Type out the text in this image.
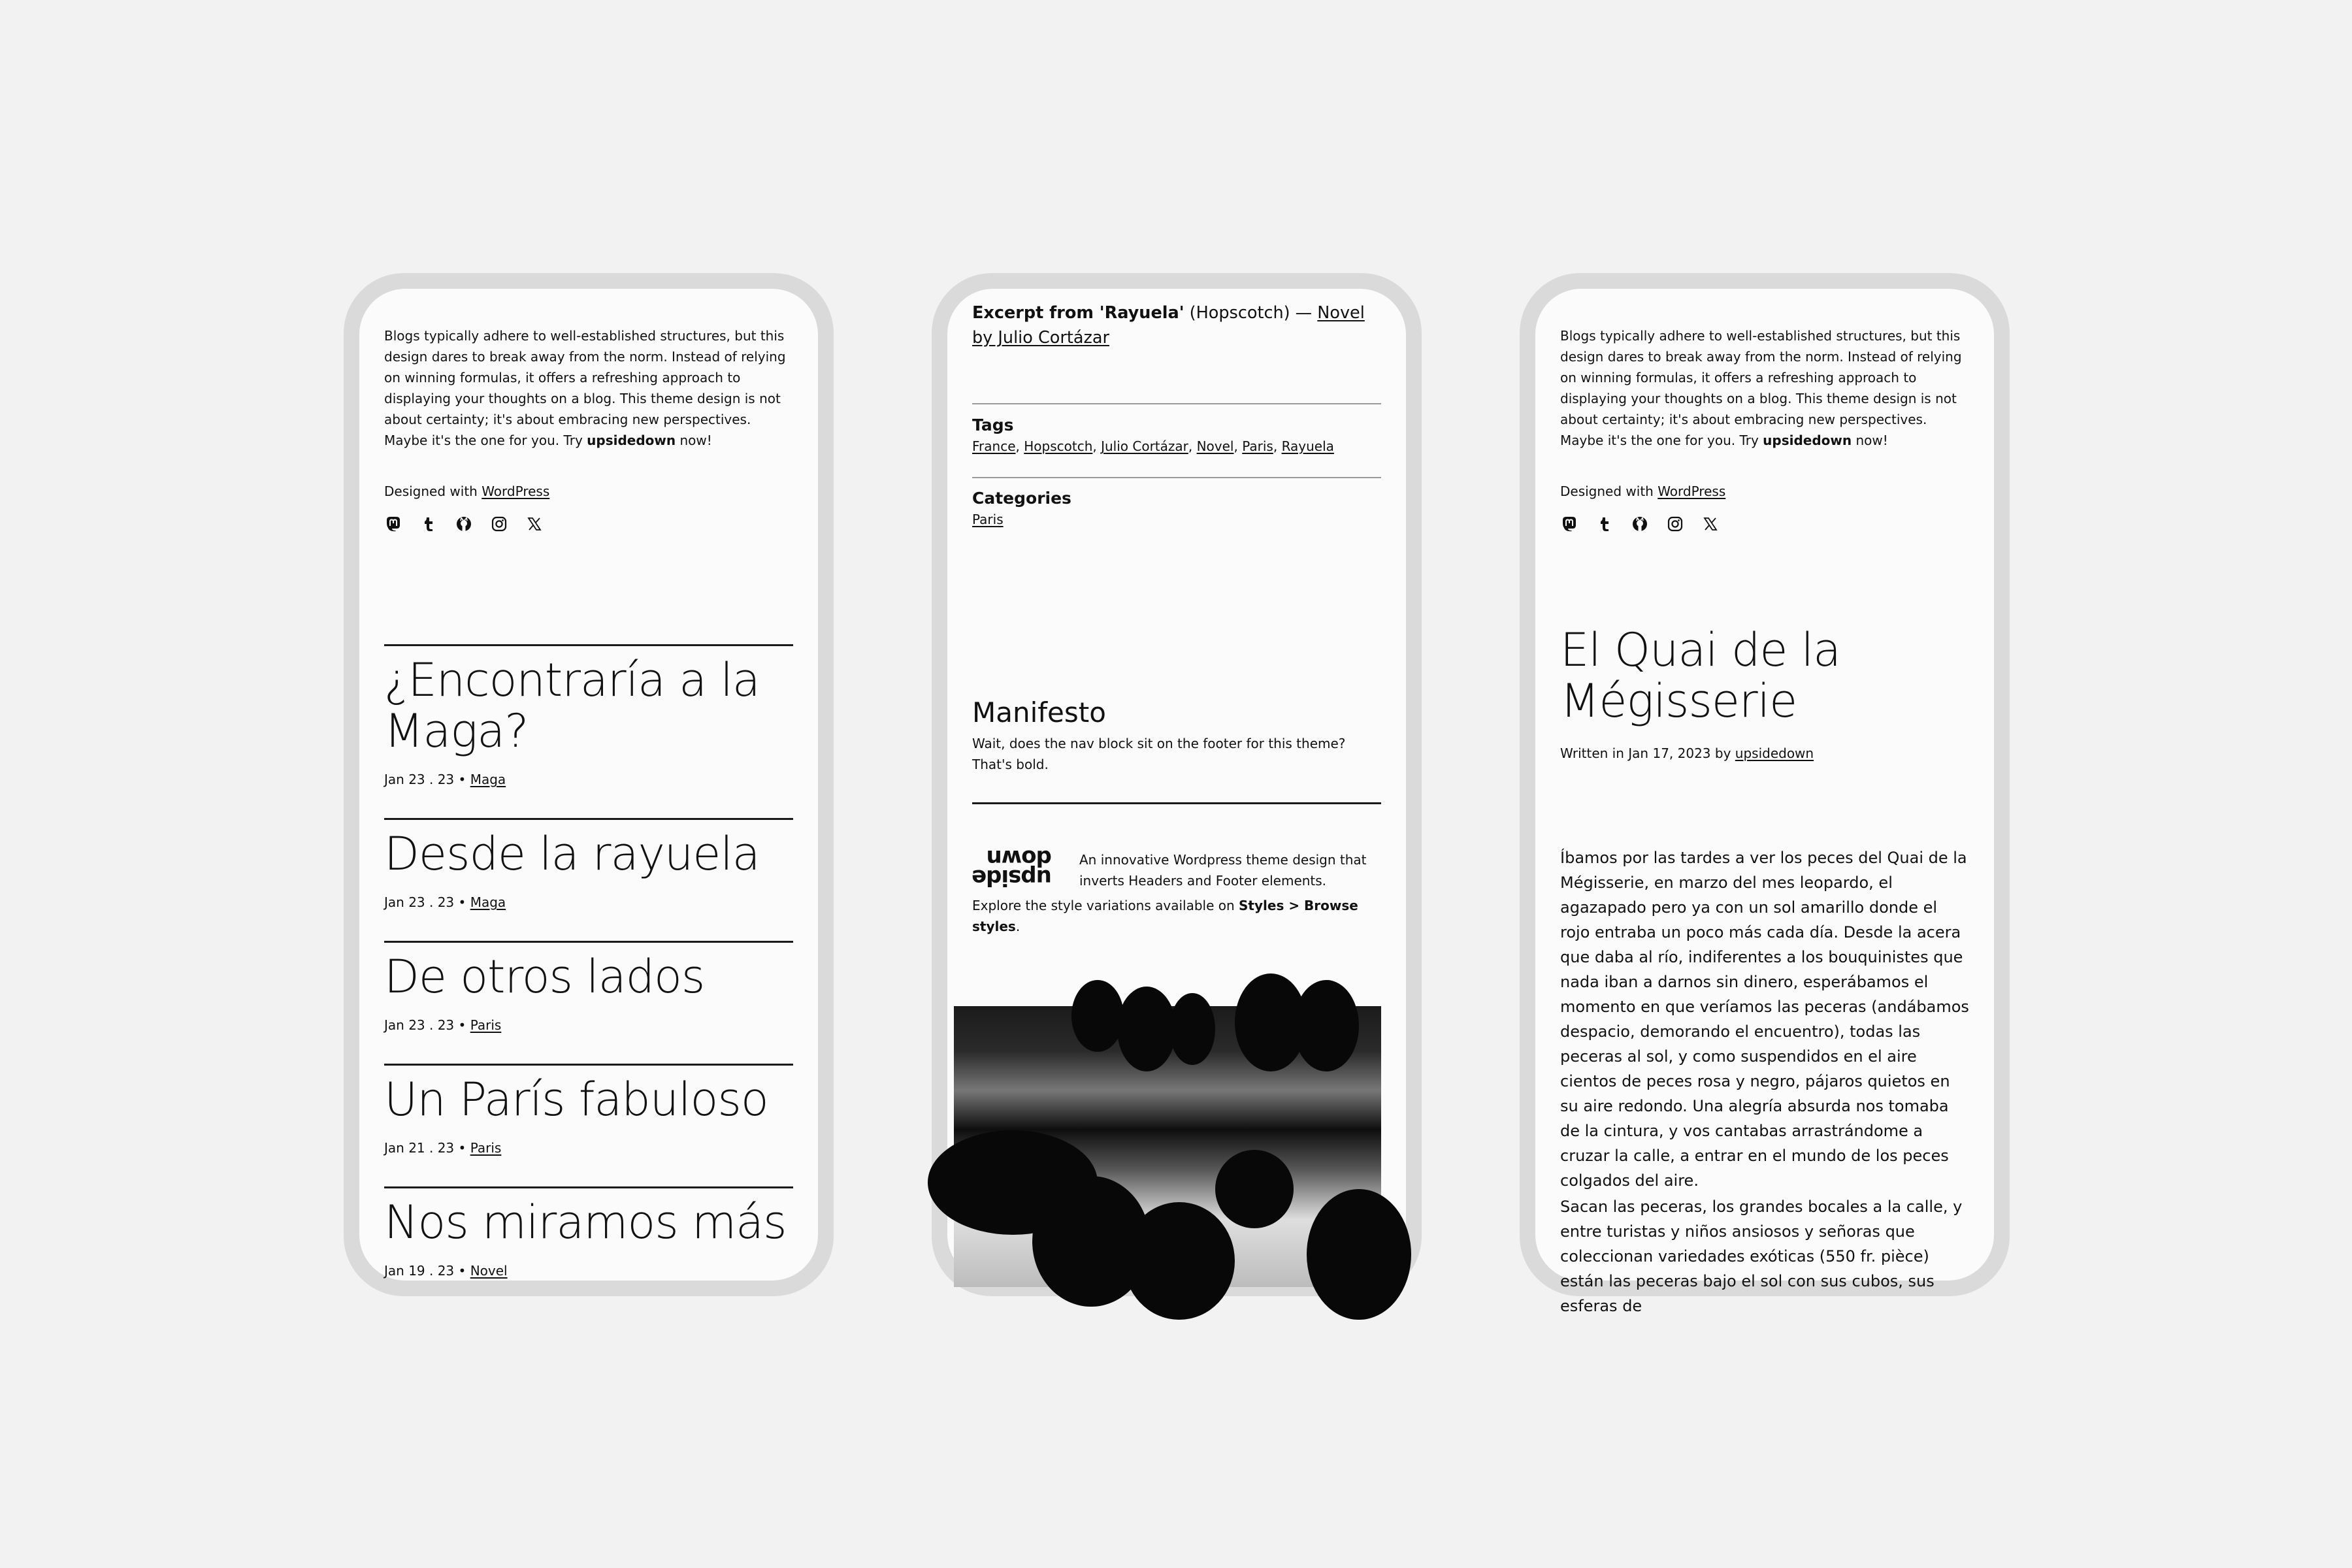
Blogs typically adhere to well-established structures, but this design dares to break away from the norm. Instead of relying on winning formulas, it offers a refreshing approach to displaying your thoughts on a blog. This theme design is not about certainty; it's about embracing new perspectives. Maybe it's the one for you. Try upsidedown now!

Designed with WordPress

¿Encontraría a la Maga?
Jan 23 . 23 • Maga
Desde la rayuela
Jan 23 . 23 • Maga
De otros lados
Jan 23 . 23 • Paris
Un París fabuloso
Jan 21 . 23 • Paris
Nos miramos más
Jan 19 . 23 • Novel

Excerpt from 'Rayuela' (Hopscotch) — Novel by Julio Cortázar

Tags
France, Hopscotch, Julio Cortázar, Novel, Paris, Rayuela
Categories
Paris
Manifesto

Wait, does the nav block sit on the footer for this theme? That's bold.

down
upside

An innovative Wordpress theme design that inverts Headers and Footer elements.

Explore the style variations available on Styles > Browse styles.

Blogs typically adhere to well-established structures, but this design dares to break away from the norm. Instead of relying on winning formulas, it offers a refreshing approach to displaying your thoughts on a blog. This theme design is not about certainty; it's about embracing new perspectives. Maybe it's the one for you. Try upsidedown now!

Designed with WordPress

El Quai de la Mégisserie
Written in Jan 17, 2023 by upsidedown

Íbamos por las tardes a ver los peces del Quai de la Mégisserie, en marzo del mes leopardo, el agazapado pero ya con un sol amarillo donde el rojo entraba un poco más cada día. Desde la acera que daba al río, indiferentes a los bouquinistes que nada iban a darnos sin dinero, esperábamos el momento en que veríamos las peceras (andábamos despacio, demorando el encuentro), todas las peceras al sol, y como suspendidos en el aire cientos de peces rosa y negro, pájaros quietos en su aire redondo. Una alegría absurda nos tomaba de la cintura, y vos cantabas arrastrándome a cruzar la calle, a entrar en el mundo de los peces colgados del aire.

Sacan las peceras, los grandes bocales a la calle, y entre turistas y niños ansiosos y señoras que coleccionan variedades exóticas (550 fr. pièce) están las peceras bajo el sol con sus cubos, sus esferas de
